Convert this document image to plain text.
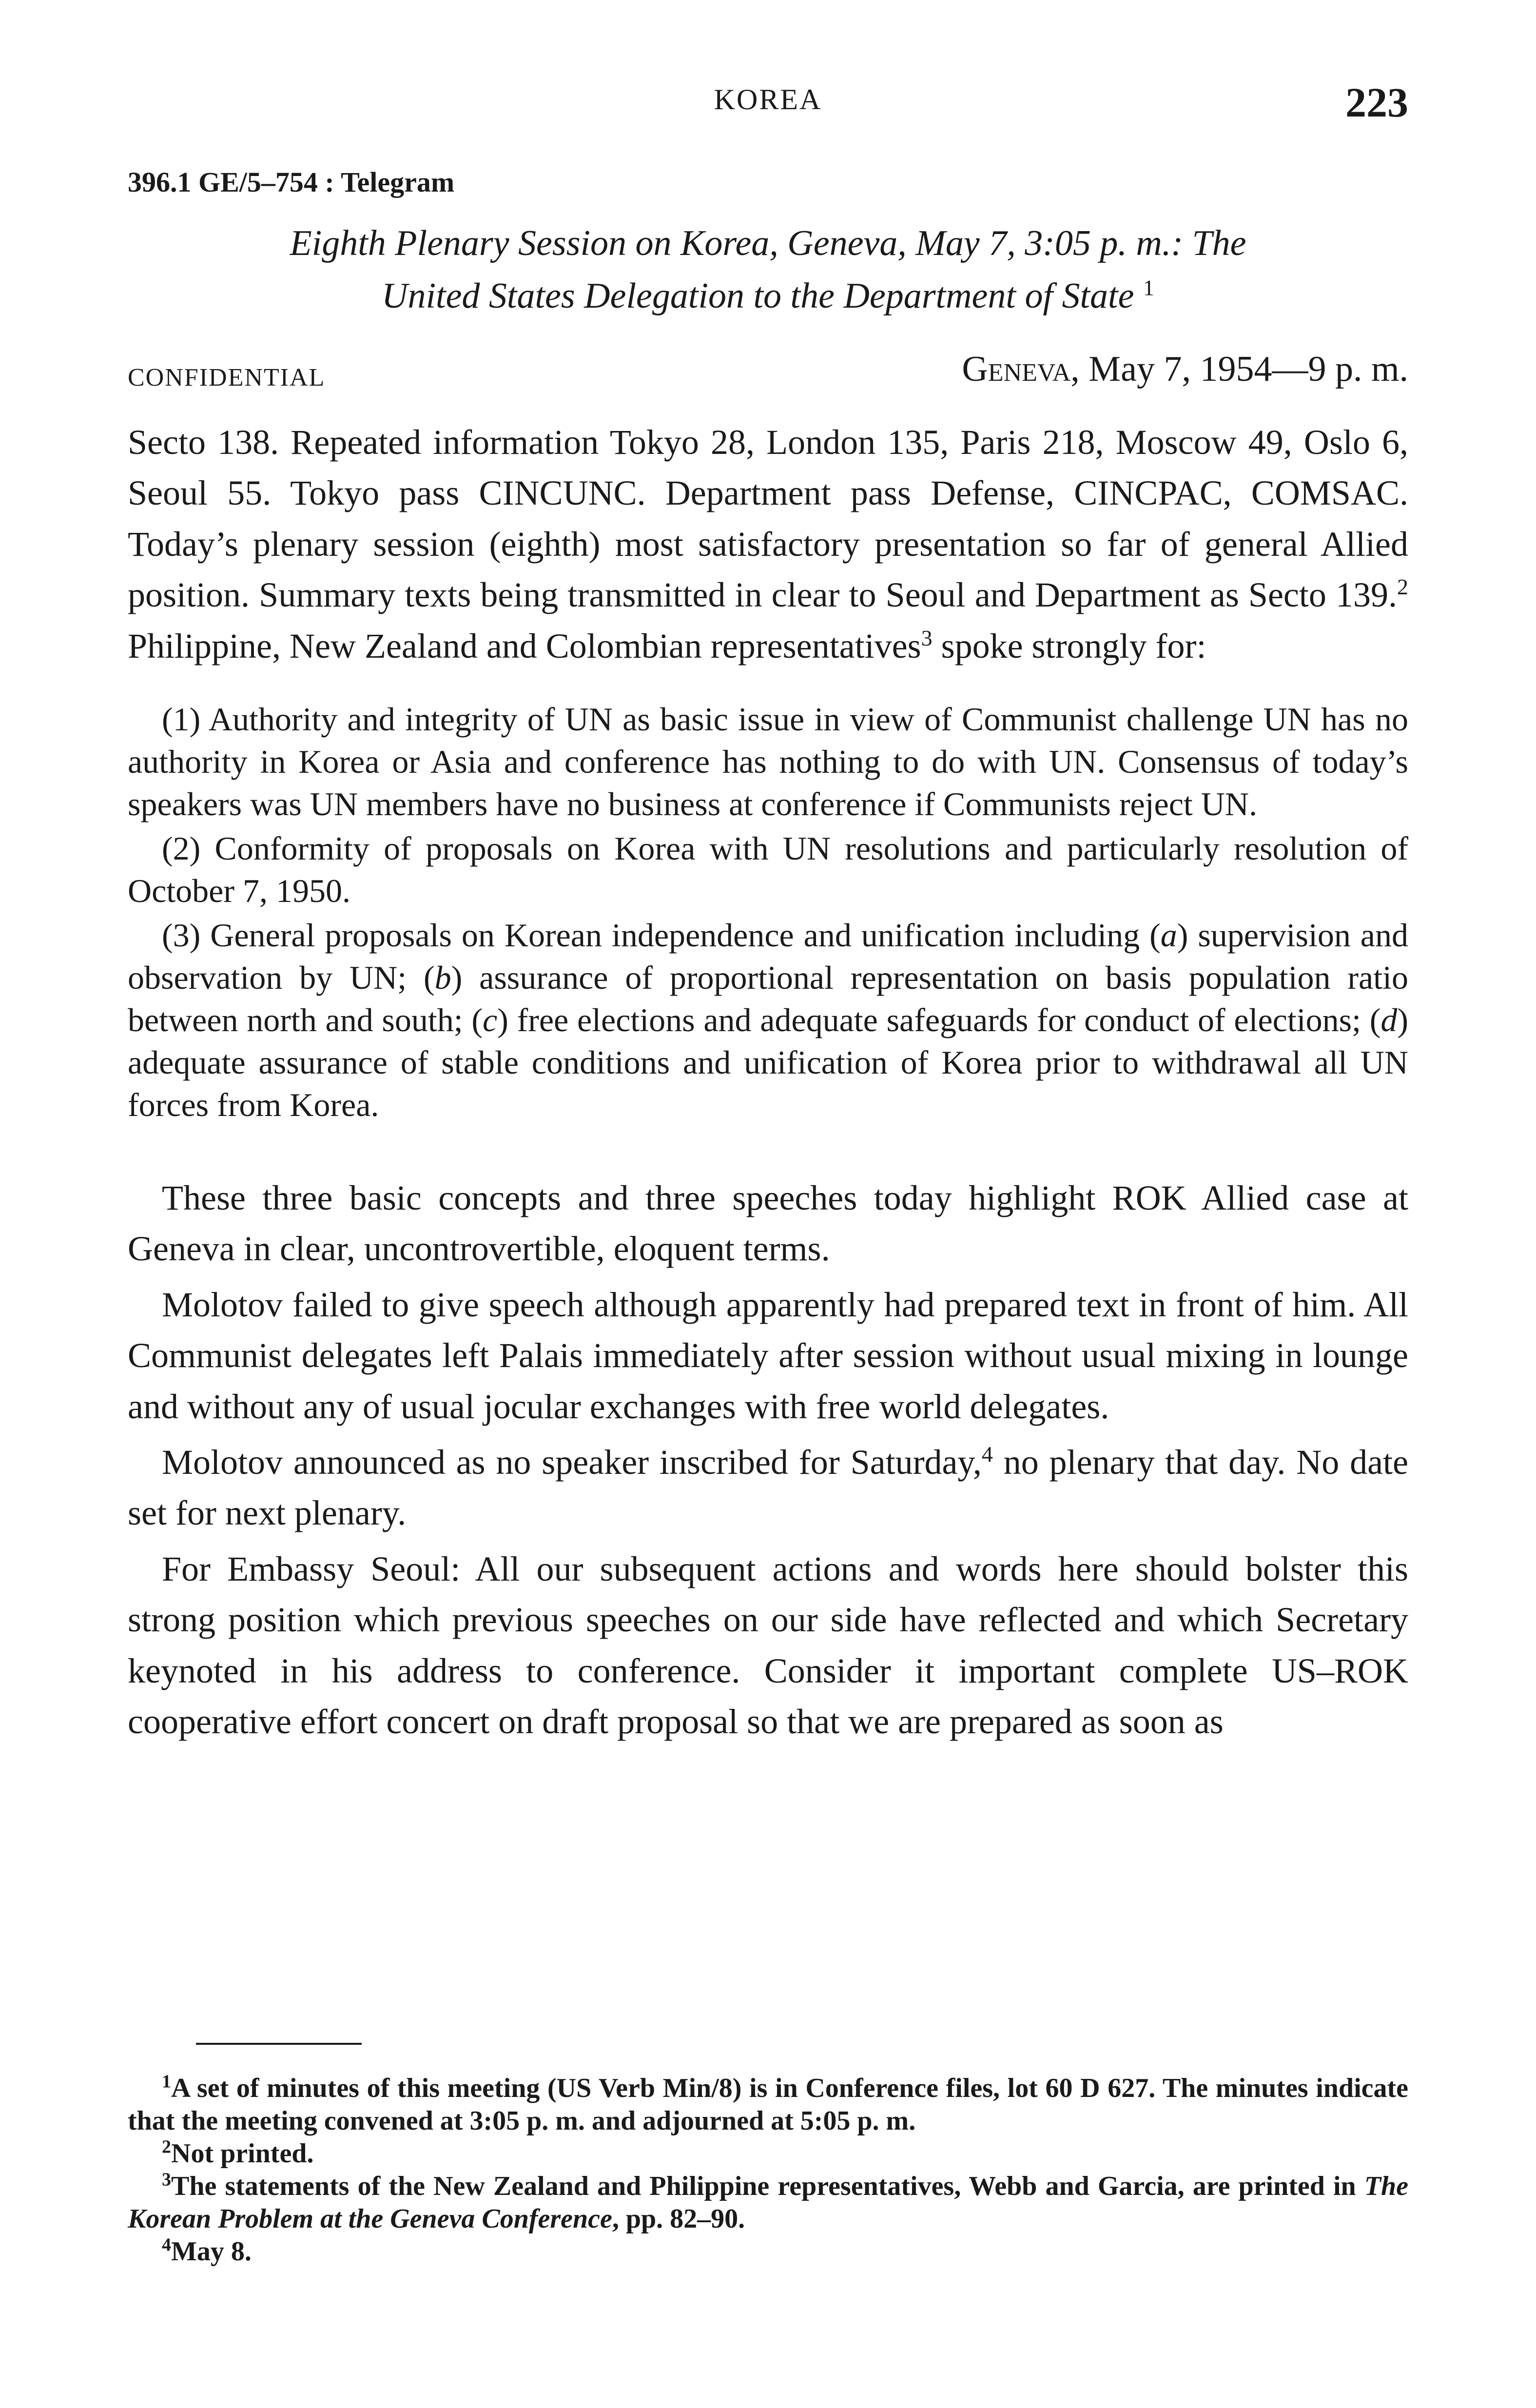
KOREA	223
396.1 GE/5–754 : Telegram
Eighth Plenary Session on Korea, Geneva, May 7, 3:05 p. m.: The
United States Delegation to the Department of State $^1$
CONFIDENTIAL	Geneva, May 7, 1954—9 p. m.

Secto 138. Repeated information Tokyo 28, London 135, Paris 218, Moscow 49, Oslo 6, Seoul 55. Tokyo pass CINCUNC. Department pass Defense, CINCPAC, COMSAC. Today’s plenary session (eighth) most satisfactory presentation so far of general Allied position. Summary texts being transmitted in clear to Seoul and Department as Secto 139.$^2$ Philippine, New Zealand and Colombian representatives$^3$ spoke strongly for:

(1) Authority and integrity of UN as basic issue in view of Communist challenge UN has no authority in Korea or Asia and conference has nothing to do with UN. Consensus of today’s speakers was UN members have no business at conference if Communists reject UN.

(2) Conformity of proposals on Korea with UN resolutions and particularly resolution of October 7, 1950.

(3) General proposals on Korean independence and unification including (a) supervision and observation by UN; (b) assurance of proportional representation on basis population ratio between north and south; (c) free elections and adequate safeguards for conduct of elections; (d) adequate assurance of stable conditions and unification of Korea prior to withdrawal all UN forces from Korea.

These three basic concepts and three speeches today highlight ROK Allied case at Geneva in clear, uncontrovertible, eloquent terms.

Molotov failed to give speech although apparently had prepared text in front of him. All Communist delegates left Palais immediately after session without usual mixing in lounge and without any of usual jocular exchanges with free world delegates.

Molotov announced as no speaker inscribed for Saturday,$^4$ no plenary that day. No date set for next plenary.

For Embassy Seoul: All our subsequent actions and words here should bolster this strong position which previous speeches on our side have reflected and which Secretary keynoted in his address to conference. Consider it important complete US–ROK cooperative effort concert on draft proposal so that we are prepared as soon as

$^1$A set of minutes of this meeting (US Verb Min/8) is in Conference files, lot 60 D 627. The minutes indicate that the meeting convened at 3:05 p. m. and adjourned at 5:05 p. m.

$^2$Not printed.

$^3$The statements of the New Zealand and Philippine representatives, Webb and Garcia, are printed in The Korean Problem at the Geneva Conference, pp. 82–90.

$^4$May 8.
